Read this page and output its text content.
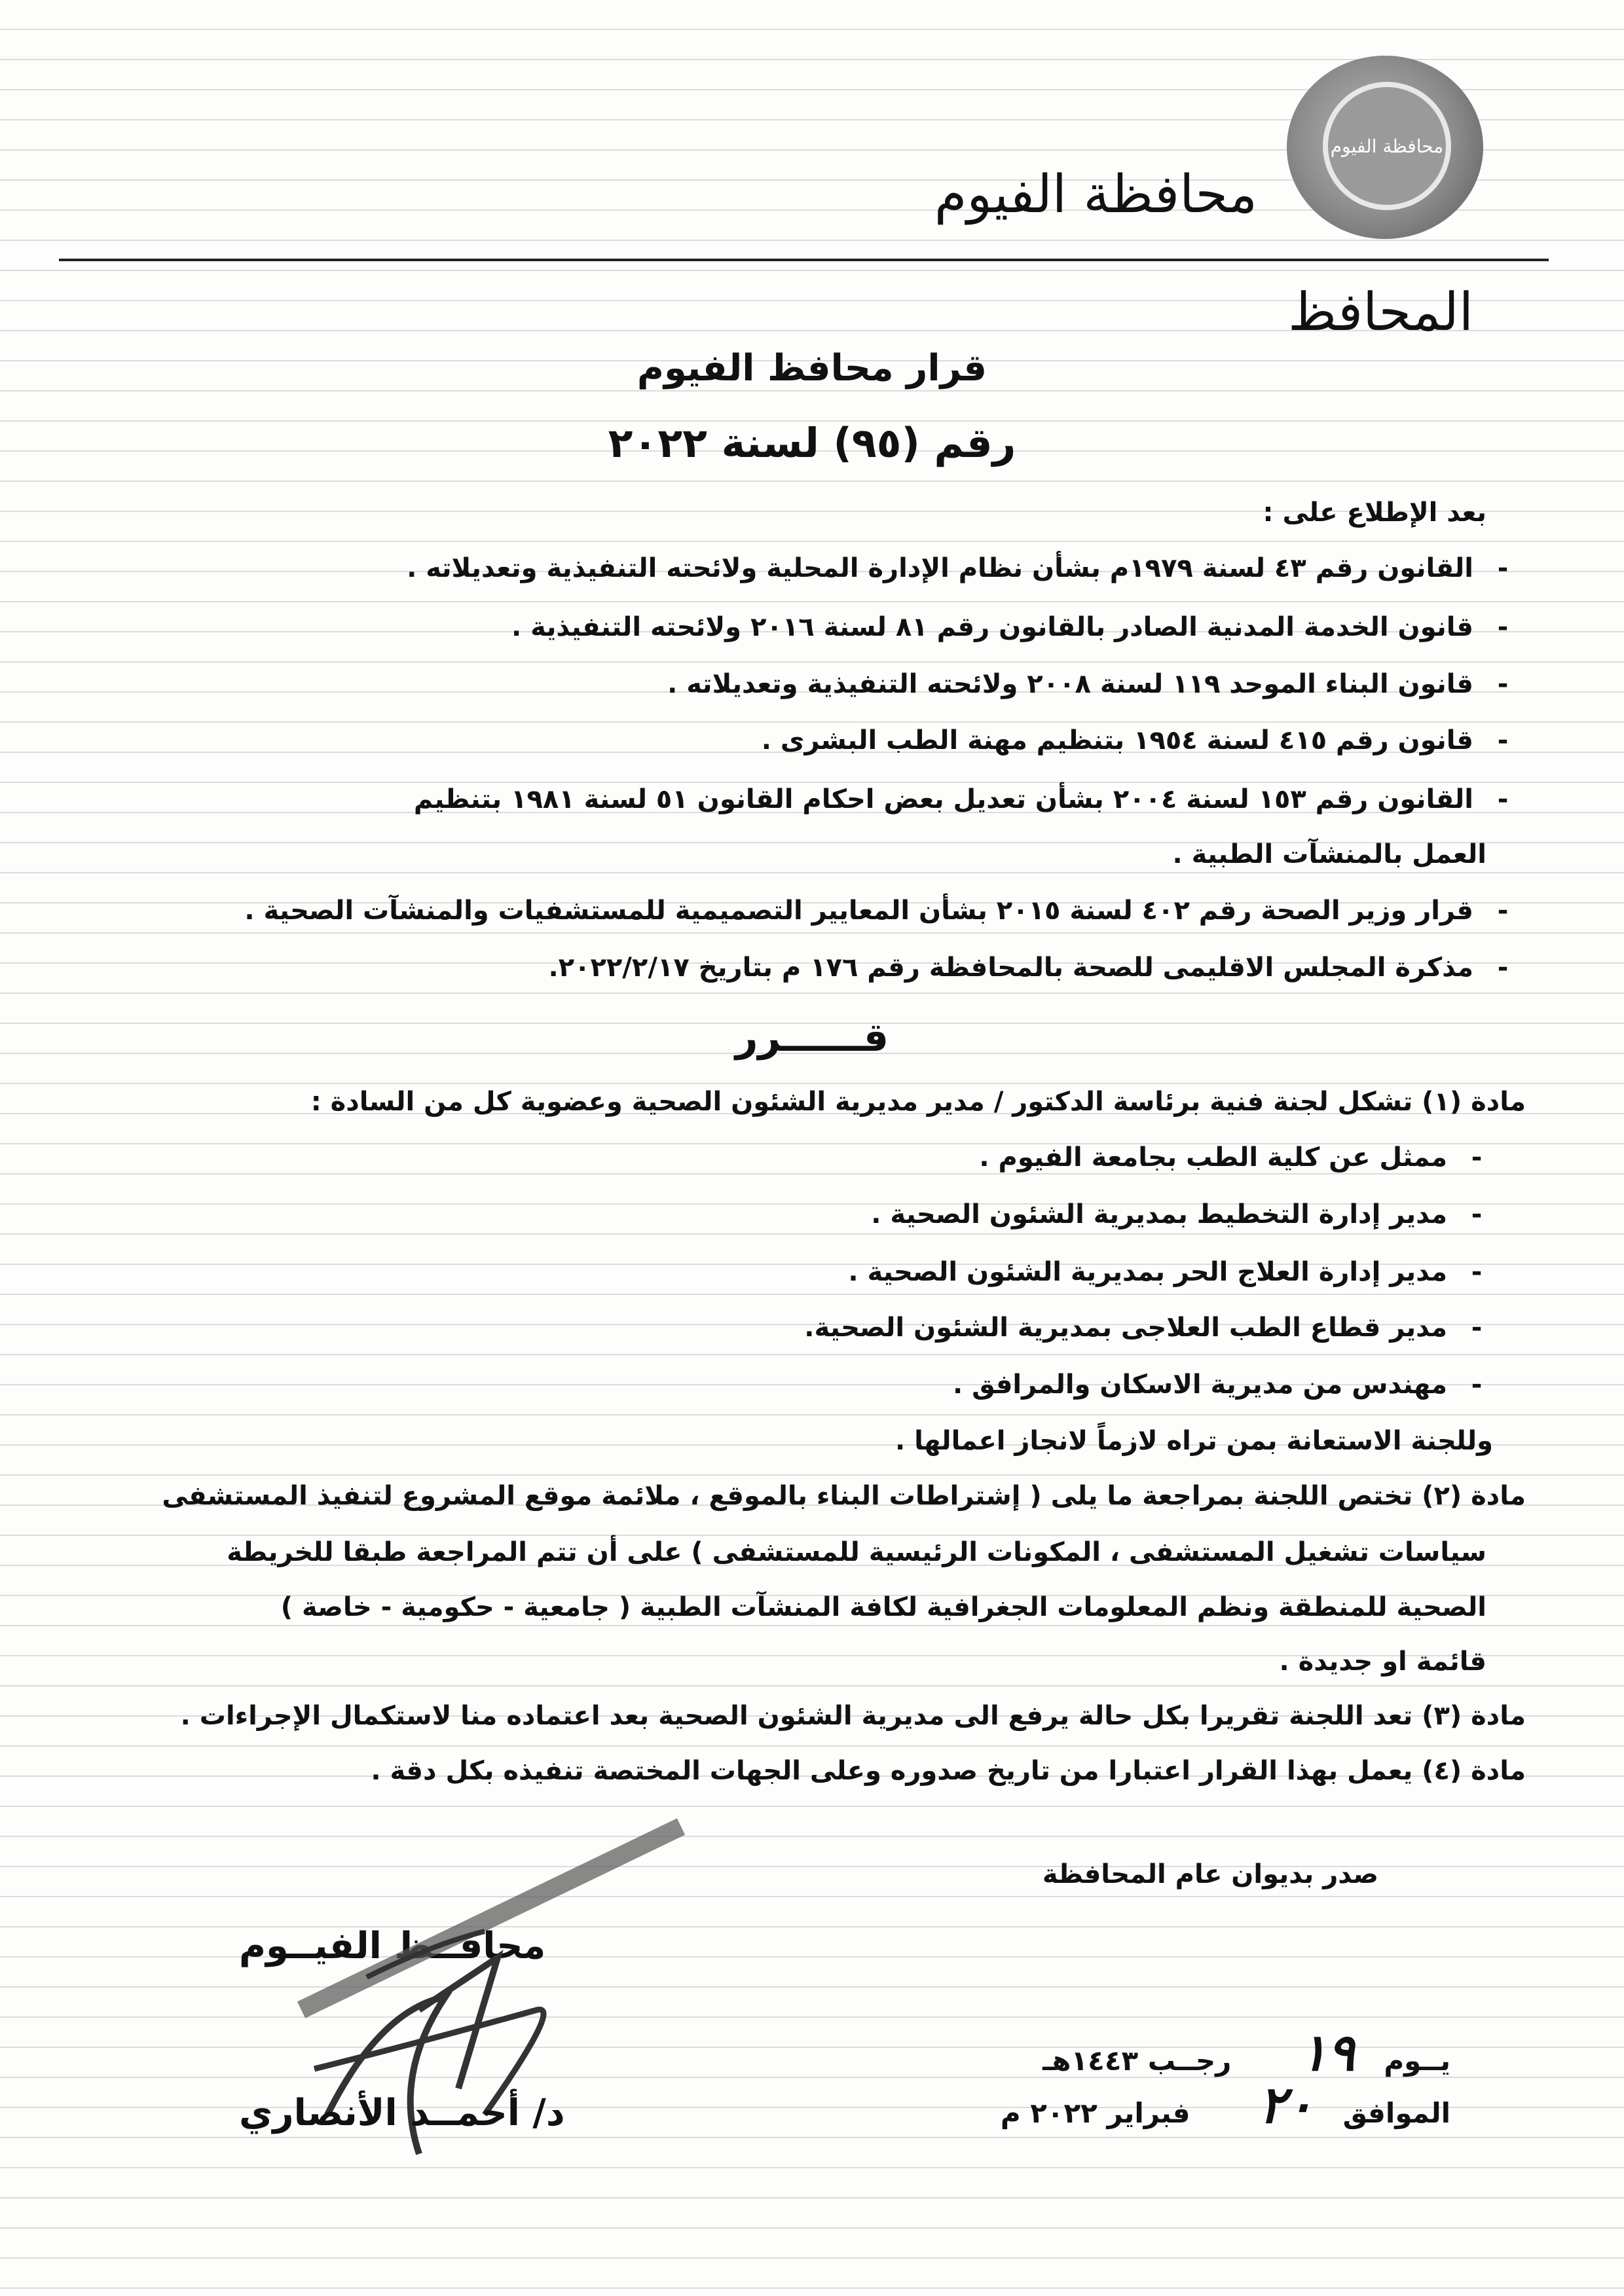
محافظة الفيوم
محافظة الفيوم
المحافظ
قرار محافظ الفيوم
رقم (٩٥) لسنة ٢٠٢٢
بعد الإطلاع على :
-القانون رقم ٤٣ لسنة ١٩٧٩م بشأن نظام الإدارة المحلية ولائحته التنفيذية وتعديلاته .
-قانون الخدمة المدنية الصادر بالقانون رقم ٨١ لسنة ٢٠١٦ ولائحته التنفيذية .
-قانون البناء الموحد ١١٩ لسنة ٢٠٠٨ ولائحته التنفيذية وتعديلاته .
-قانون رقم ٤١٥ لسنة ١٩٥٤ بتنظيم مهنة الطب البشرى .
-القانون رقم ١٥٣ لسنة ٢٠٠٤ بشأن تعديل بعض احكام القانون ٥١ لسنة ١٩٨١ بتنظيم
العمل بالمنشآت الطبية .
-قرار وزير الصحة رقم ٤٠٢ لسنة ٢٠١٥ بشأن المعايير التصميمية للمستشفيات والمنشآت الصحية .
-مذكرة المجلس الاقليمى للصحة بالمحافظة رقم ١٧٦ م بتاريخ ٢٠٢٢/٢/١٧.
قــــــرر
مادة (١) تشكل لجنة فنية برئاسة الدكتور / مدير مديرية الشئون الصحية وعضوية كل من السادة :
-ممثل عن كلية الطب بجامعة الفيوم .
-مدير إدارة التخطيط بمديرية الشئون الصحية .
-مدير إدارة العلاج الحر بمديرية الشئون الصحية .
-مدير قطاع الطب العلاجى بمديرية الشئون الصحية.
-مهندس من مديرية الاسكان والمرافق .
وللجنة الاستعانة بمن تراه لازماً لانجاز اعمالها .
مادة (٢) تختص اللجنة بمراجعة ما يلى ( إشتراطات البناء بالموقع ، ملائمة موقع المشروع لتنفيذ المستشفى
سياسات تشغيل المستشفى ، المكونات الرئيسية للمستشفى ) على أن تتم المراجعة طبقا للخريطة
الصحية للمنطقة ونظم المعلومات الجغرافية لكافة المنشآت الطبية ( جامعية - حكومية - خاصة )
قائمة او جديدة .
مادة (٣) تعد اللجنة تقريرا بكل حالة يرفع الى مديرية الشئون الصحية بعد اعتماده منا لاستكمال الإجراءات .
مادة (٤) يعمل بهذا القرار اعتبارا من تاريخ صدوره وعلى الجهات المختصة تنفيذه بكل دقة .
صدر بديوان عام المحافظة
محافــظ الفيــوم
د/ أحمــد الأنصاري
يــوم ١٩ رجــب ١٤٤٣هـ
الموافق ٢٠ فبراير ٢٠٢٢ م
